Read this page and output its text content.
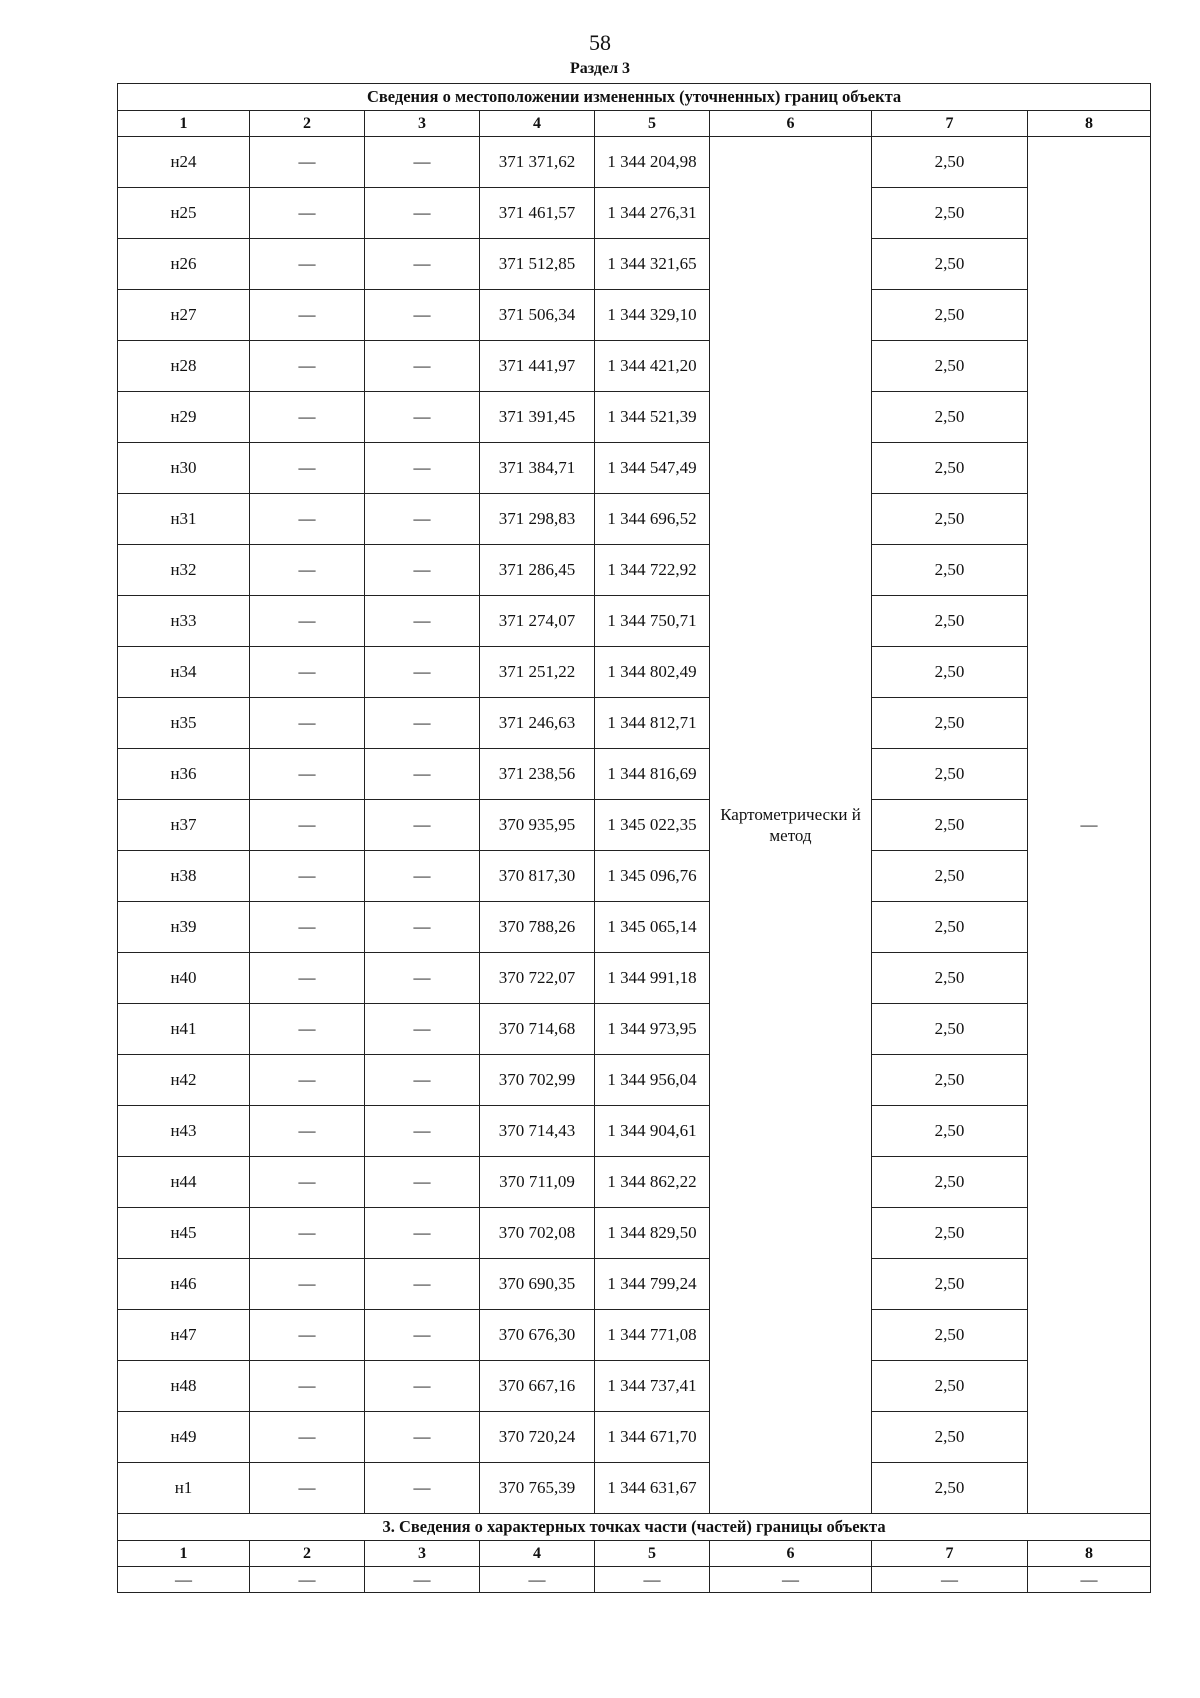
58
Раздел 3
Сведения о местоположении измененных (уточненных) границ объекта							
1	2	3	4	5	6	7	8
н24	—	—	371 371,62	1 344 204,98	Картометрически й метод	2,50	—
н25	—	—	371 461,57	1 344 276,31		2,50	
н26	—	—	371 512,85	1 344 321,65		2,50	
н27	—	—	371 506,34	1 344 329,10		2,50	
н28	—	—	371 441,97	1 344 421,20		2,50	
н29	—	—	371 391,45	1 344 521,39		2,50	
н30	—	—	371 384,71	1 344 547,49		2,50	
н31	—	—	371 298,83	1 344 696,52		2,50	
н32	—	—	371 286,45	1 344 722,92		2,50	
н33	—	—	371 274,07	1 344 750,71		2,50	
н34	—	—	371 251,22	1 344 802,49		2,50	
н35	—	—	371 246,63	1 344 812,71		2,50	
н36	—	—	371 238,56	1 344 816,69		2,50	
н37	—	—	370 935,95	1 345 022,35		2,50	
н38	—	—	370 817,30	1 345 096,76		2,50	
н39	—	—	370 788,26	1 345 065,14		2,50	
н40	—	—	370 722,07	1 344 991,18		2,50	
н41	—	—	370 714,68	1 344 973,95		2,50	
н42	—	—	370 702,99	1 344 956,04		2,50	
н43	—	—	370 714,43	1 344 904,61		2,50	
н44	—	—	370 711,09	1 344 862,22		2,50	
н45	—	—	370 702,08	1 344 829,50		2,50	
н46	—	—	370 690,35	1 344 799,24		2,50	
н47	—	—	370 676,30	1 344 771,08		2,50	
н48	—	—	370 667,16	1 344 737,41		2,50	
н49	—	—	370 720,24	1 344 671,70		2,50	
н1	—	—	370 765,39	1 344 631,67		2,50	
3. Сведения о характерных точках части (частей) границы объекта							
1	2	3	4	5	6	7	8
—	—	—	—	—	—	—	—
